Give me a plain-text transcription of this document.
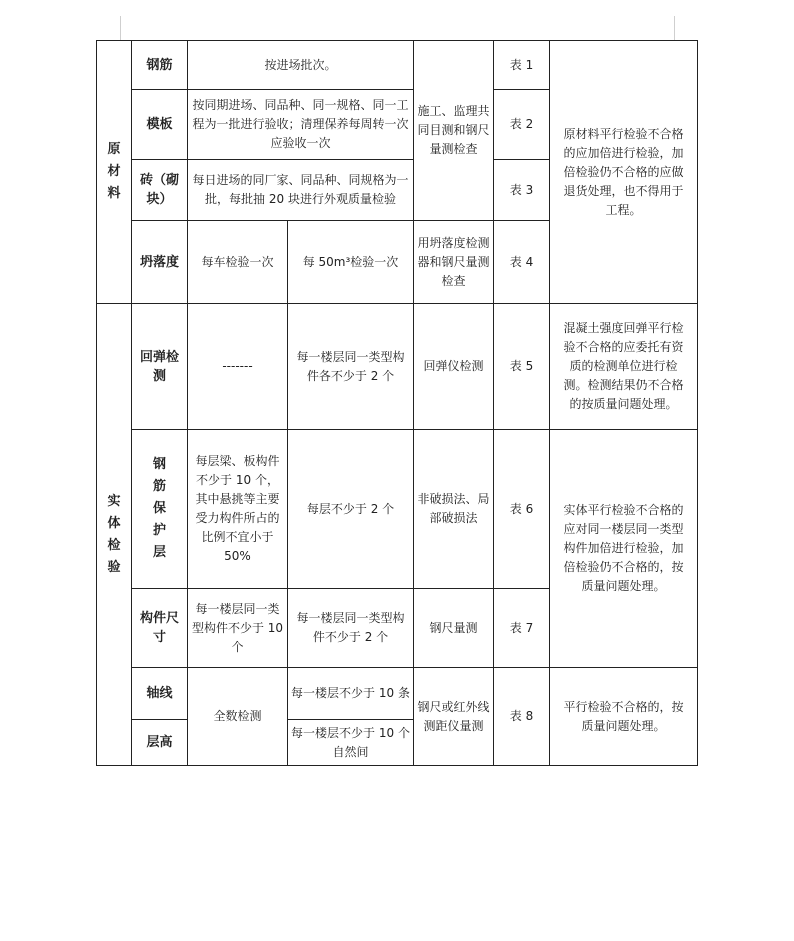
原材料	钢筋	按进场批次。		施工、监理共同目测和钢尺量测检查	表 1	原材料平行检验不合格的应加倍进行检验，加倍检验仍不合格的应做退货处理，也不得用于工程。
	模板	按同期进场、同品种、同一规格、同一工程为一批进行验收；清理保养每周转一次应验收一次			表 2	
	砖（砌块）	每日进场的同厂家、同品种、同规格为一批，每批抽 20 块进行外观质量检验			表 3	
	坍落度	每车检验一次	每 50m³检验一次	用坍落度检测器和钢尺量测检查	表 4	

实体检验	回弹检测	-------	每一楼层同一类型构件各不少于 2 个	回弹仪检测	表 5	混凝土强度回弹平行检验不合格的应委托有资质的检测单位进行检测。检测结果仍不合格的按质量问题处理。

	钢筋保护层	每层梁、板构件不少于 10 个，其中悬挑等主要受力构件所占的比例不宜小于 50%	每层不少于 2 个	非破损法、局部破损法	表 6	实体平行检验不合格的应对同一楼层同一类型构件加倍进行检验，加倍检验仍不合格的，按质量问题处理。
	构件尺寸	每一楼层同一类型构件不少于 10 个	每一楼层同一类型构件不少于 2 个	钢尺量测	表 7	
	轴线	全数检测	每一楼层不少于 10 条	钢尺或红外线测距仪量测	表 8	平行检验不合格的，按质量问题处理。
	层高		每一楼层不少于 10 个自然间			
